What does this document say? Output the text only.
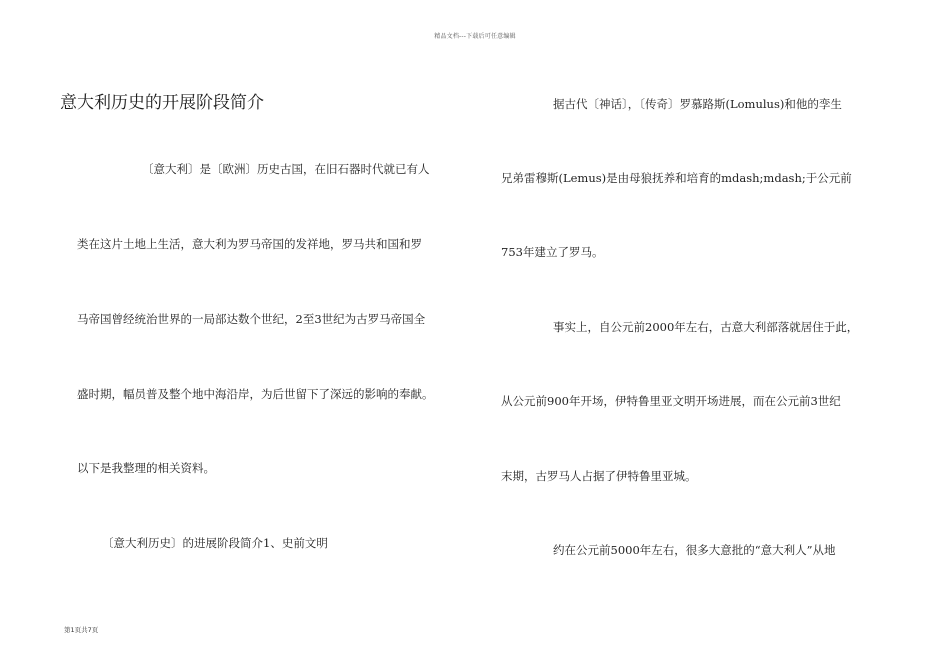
精品文档---下载后可任意编辑
意大利历史的开展阶段简介
〔意大利〕是〔欧洲〕历史古国，在旧石器时代就已有人
类在这片土地上生活，意大利为罗马帝国的发祥地，罗马共和国和罗
马帝国曾经统治世界的一局部达数个世纪，2至3世纪为古罗马帝国全
盛时期，幅员普及整个地中海沿岸，为后世留下了深远的影响的奉献。
以下是我整理的相关资料。
〔意大利历史〕的进展阶段简介1、史前文明
据古代〔神话〕，〔传奇〕罗慕路斯(Lomulus)和他的孪生
兄弟雷穆斯(Lemus)是由母狼抚养和培育的mdash;mdash;于公元前
753年建立了罗马。
事实上，自公元前2000年左右，古意大利部落就居住于此，
从公元前900年开场，伊特鲁里亚文明开场进展，而在公元前3世纪
末期，古罗马人占据了伊特鲁里亚城。
约在公元前5000年左右，很多大意批的“意大利人”从地
第1页共7页
